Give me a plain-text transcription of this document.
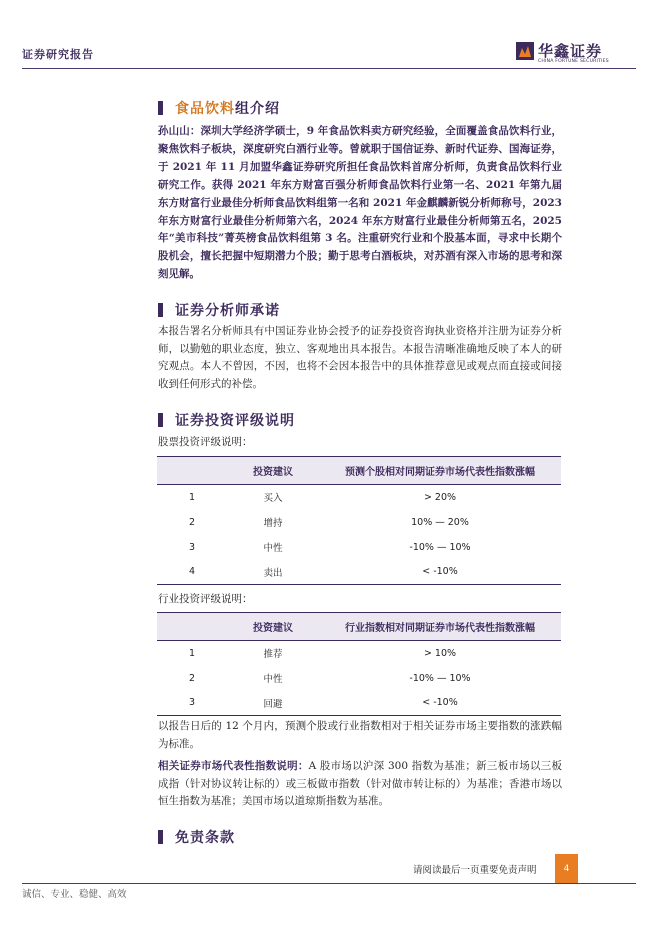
证券研究报告	华鑫证券
CHINA FORTUNE SECURITIES
食品饮料组介绍
孙山山：深圳大学经济学硕士，9 年食品饮料卖方研究经验，全面覆盖食品饮料行业，聚焦饮料子板块，深度研究白酒行业等。曾就职于国信证券、新时代证券、国海证券，于 2021 年 11 月加盟华鑫证券研究所担任食品饮料首席分析师，负责食品饮料行业研究工作。获得 2021 年东方财富百强分析师食品饮料行业第一名、2021 年第九届东方财富行业最佳分析师食品饮料组第一名和 2021 年金麒麟新锐分析师称号，2023 年东方财富行业最佳分析师第六名，2024 年东方财富行业最佳分析师第五名，2025 年“美市科技”菁英榜食品饮料组第 3 名。注重研究行业和个股基本面，寻求中长期个股机会，擅长把握中短期潜力个股；勤于思考白酒板块，对苏酒有深入市场的思考和深刻见解。
证券分析师承诺
本报告署名分析师具有中国证券业协会授予的证券投资咨询执业资格并注册为证券分析师，以勤勉的职业态度，独立、客观地出具本报告。本报告清晰准确地反映了本人的研究观点。本人不曾因，不因，也将不会因本报告中的具体推荐意见或观点而直接或间接收到任何形式的补偿。
证券投资评级说明
股票投资评级说明：
	投资建议	预测个股相对同期证券市场代表性指数涨幅
1	买入	> 20%
2	增持	10% — 20%
3	中性	-10% — 10%
4	卖出	< -10%
行业投资评级说明：
	投资建议	行业指数相对同期证券市场代表性指数涨幅
1	推荐	> 10%
2	中性	-10% — 10%
3	回避	< -10%
以报告日后的 12 个月内，预测个股或行业指数相对于相关证券市场主要指数的涨跌幅为标准。
相关证券市场代表性指数说明：A 股市场以沪深 300 指数为基准；新三板市场以三板成指（针对协议转让标的）或三板做市指数（针对做市转让标的）为基准；香港市场以恒生指数为基准；美国市场以道琼斯指数为基准。
免责条款
请阅读最后一页重要免责声明	4
诚信、专业、稳健、高效
